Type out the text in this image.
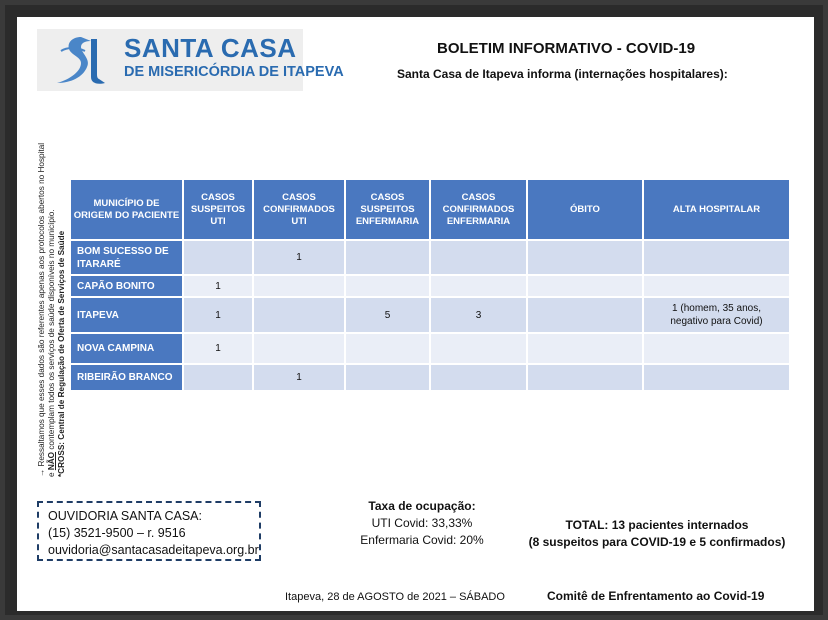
SANTA CASA
DE MISERICÓRDIA DE ITAPEVA
BOLETIM INFORMATIVO - COVID-19
Santa Casa de Itapeva informa (internações hospitalares):
→ Ressaltamos que esses dados são referentes apenas aos protocolos abertos no Hospital e NÃO contemplam todos os serviços de saúde disponíveis no município. *CROSS: Central de Regulação de Oferta de Serviços de Saúde
MUNICÍPIO DE ORIGEM DO PACIENTE	CASOS SUSPEITOS UTI	CASOS CONFIRMADOS UTI	CASOS SUSPEITOS ENFERMARIA	CASOS CONFIRMADOS ENFERMARIA	ÓBITO	ALTA HOSPITALAR
BOM SUCESSO DE ITARARÉ		1				
CAPÃO BONITO	1					
ITAPEVA	1		5	3		1 (homem, 35 anos, negativo para Covid)
NOVA CAMPINA	1					
RIBEIRÃO BRANCO		1				
OUVIDORIA SANTA CASA:
(15) 3521-9500 – r. 9516
ouvidoria@santacasadeitapeva.org.br
Taxa de ocupação:
UTI Covid: 33,33%
Enfermaria Covid: 20%
TOTAL: 13 pacientes internados
(8 suspeitos para COVID-19 e 5 confirmados)
Itapeva, 28 de AGOSTO de 2021 – SÁBADO	Comitê de Enfrentamento ao Covid-19
